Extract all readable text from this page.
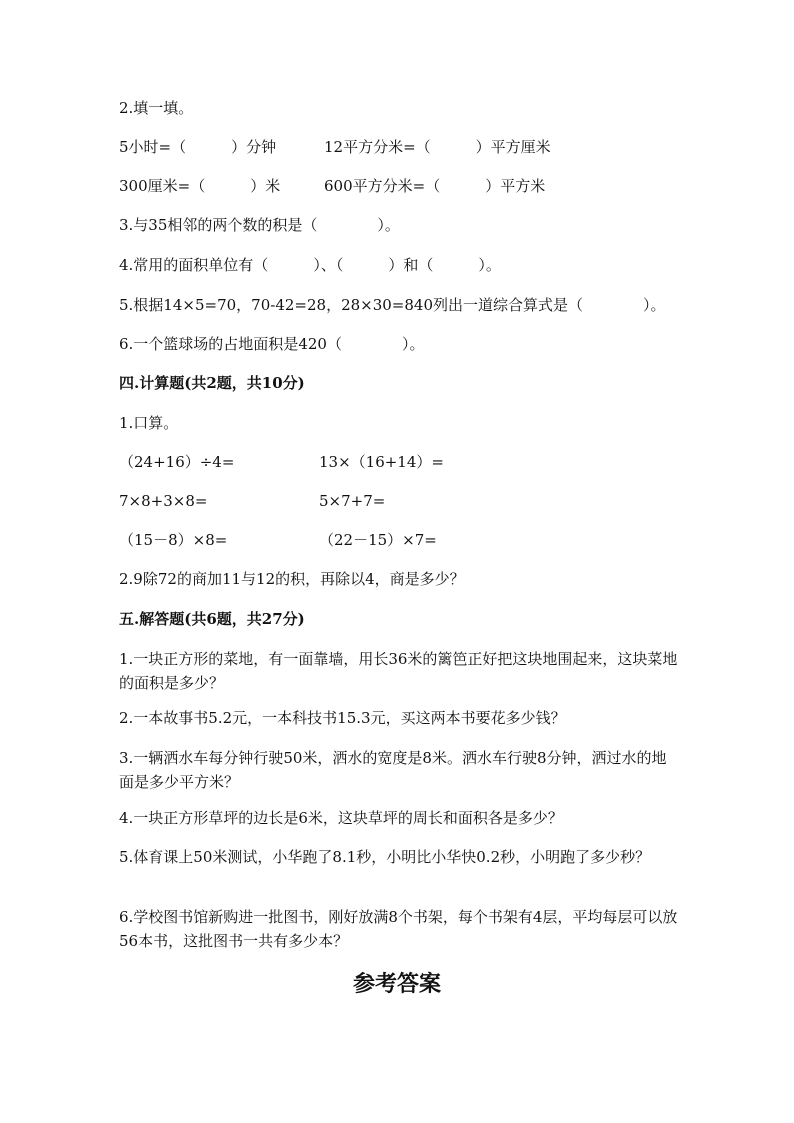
2.填一填。
5小时=（　　　）分钟	12平方分米=（　　　）平方厘米
300厘米=（　　　）米	600平方分米=（　　　）平方米
3.与35相邻的两个数的积是（　　　　）。
4.常用的面积单位有（　　　）、（　　　）和（　　　）。
5.根据14×5=70，70-42=28，28×30=840列出一道综合算式是（　　　　）。
6.一个篮球场的占地面积是420（　　　　）。
四.计算题(共2题，共10分)
1.口算。
（24+16）÷4=	13×（16+14）=
7×8+3×8=	5×7+7=
（15－8）×8=	（22－15）×7=
2.9除72的商加11与12的积，再除以4，商是多少？
五.解答题(共6题，共27分)
1.一块正方形的菜地，有一面靠墙，用长36米的篱笆正好把这块地围起来，这块菜地的面积是多少？
2.一本故事书5.2元，一本科技书15.3元，买这两本书要花多少钱？
3.一辆洒水车每分钟行驶50米，洒水的宽度是8米。洒水车行驶8分钟，洒过水的地面是多少平方米？
4.一块正方形草坪的边长是6米，这块草坪的周长和面积各是多少？
5.体育课上50米测试，小华跑了8.1秒，小明比小华快0.2秒，小明跑了多少秒？
6.学校图书馆新购进一批图书，刚好放满8个书架，每个书架有4层，平均每层可以放56本书，这批图书一共有多少本？
参考答案
